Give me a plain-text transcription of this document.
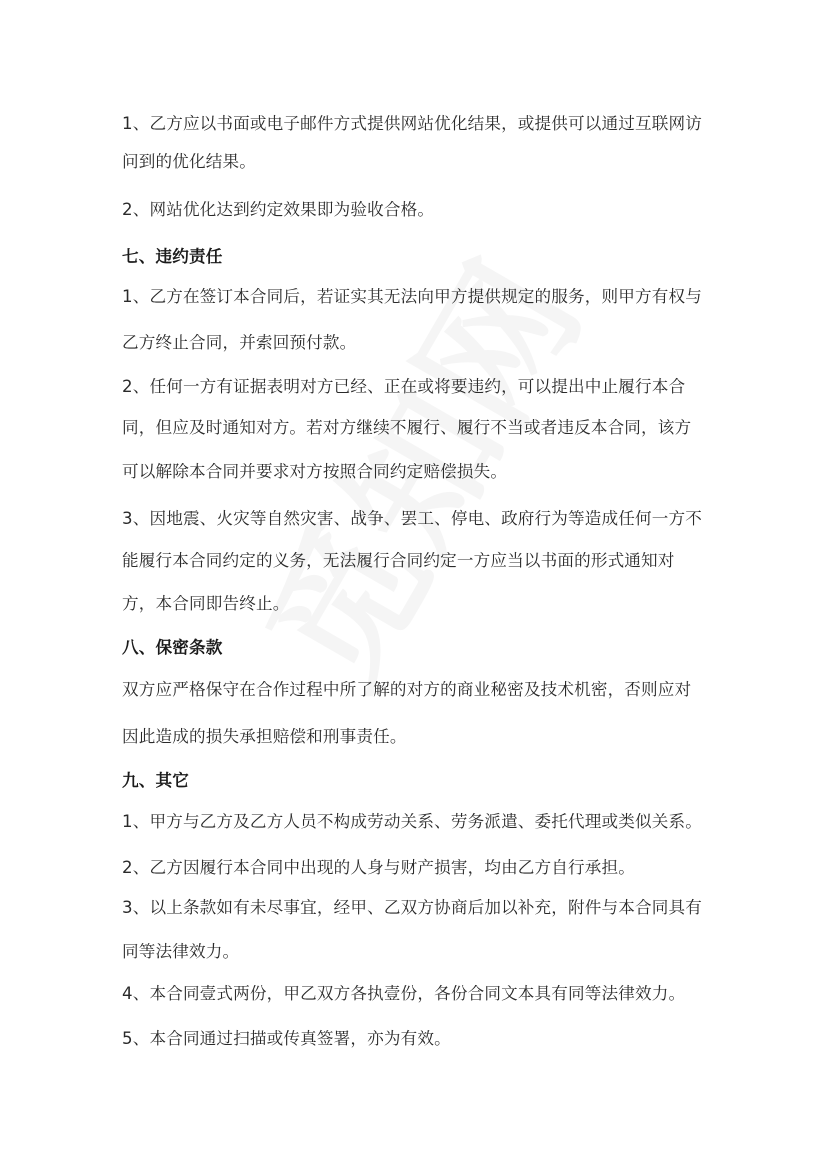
1、乙方应以书面或电子邮件方式提供网站优化结果，或提供可以通过互联网访
问到的优化结果。
2、网站优化达到约定效果即为验收合格。
七、违约责任
1、乙方在签订本合同后，若证实其无法向甲方提供规定的服务，则甲方有权与
乙方终止合同，并索回预付款。
2、任何一方有证据表明对方已经、正在或将要违约，可以提出中止履行本合
同，但应及时通知对方。若对方继续不履行、履行不当或者违反本合同，该方
可以解除本合同并要求对方按照合同约定赔偿损失。
3、因地震、火灾等自然灾害、战争、罢工、停电、政府行为等造成任何一方不
能履行本合同约定的义务，无法履行合同约定一方应当以书面的形式通知对
方，本合同即告终止。
八、保密条款
双方应严格保守在合作过程中所了解的对方的商业秘密及技术机密，否则应对
因此造成的损失承担赔偿和刑事责任。
九、其它
1、甲方与乙方及乙方人员不构成劳动关系、劳务派遣、委托代理或类似关系。
2、乙方因履行本合同中出现的人身与财产损害，均由乙方自行承担。
3、以上条款如有未尽事宜，经甲、乙双方协商后加以补充，附件与本合同具有
同等法律效力。
4、本合同壹式两份，甲乙双方各执壹份，各份合同文本具有同等法律效力。
5、本合同通过扫描或传真签署，亦为有效。
